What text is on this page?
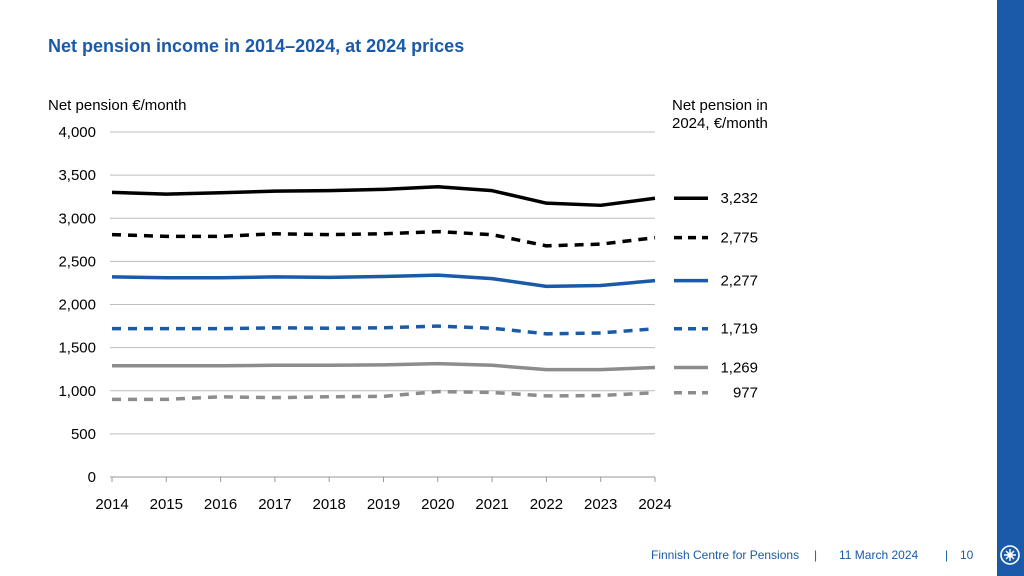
Net pension income in 2014–2024, at 2024 prices
0
500
1,000
1,500
2,000
2,500
3,000
3,500
4,000
2014 2015 2016 2017 2018 2019 2020 2021 2022 2023 2024
Net pension €/month	Net pension in
2024, €/month
3,232
2,775
2,277
1,719
1,269
977
Finnish Centre for Pensions | 11 March 2024 | 10
